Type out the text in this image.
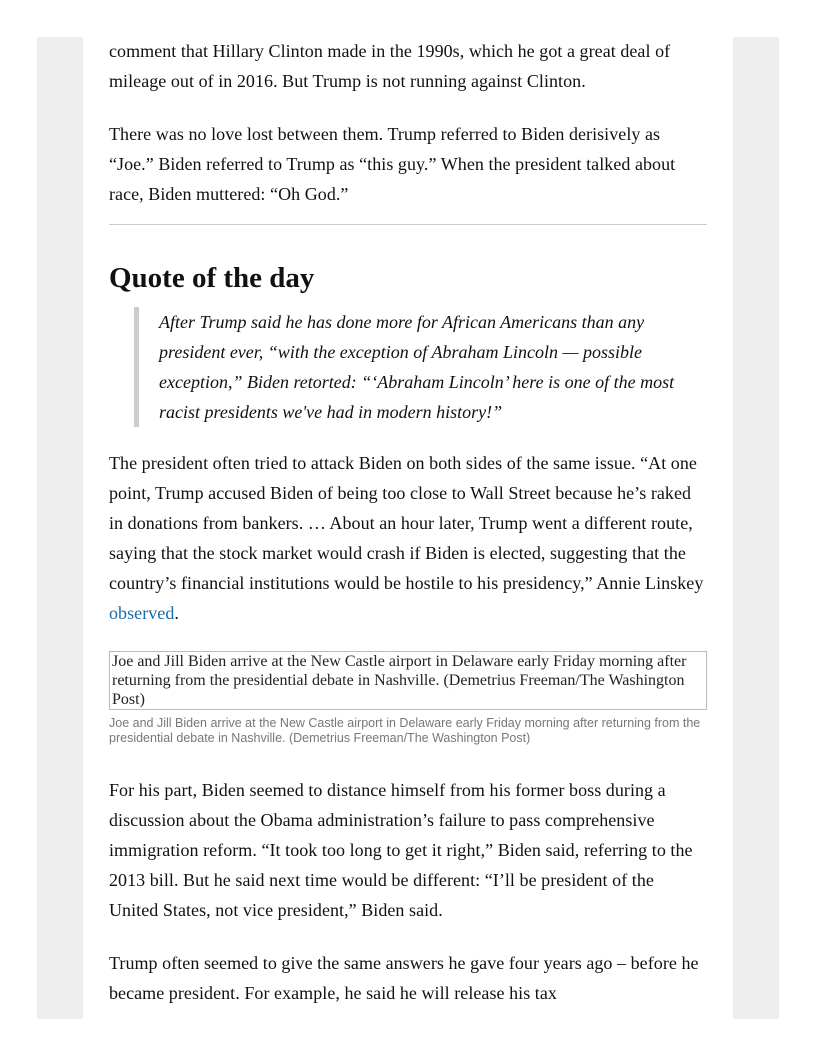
comment that Hillary Clinton made in the 1990s, which he got a great deal of mileage out of in 2016. But Trump is not running against Clinton.

There was no love lost between them. Trump referred to Biden derisively as “Joe.” Biden referred to Trump as “this guy.” When the president talked about race, Biden muttered: “Oh God.”

Quote of the day
After Trump said he has done more for African Americans than any president ever, “with the exception of Abraham Lincoln — possible exception,” Biden retorted: “‘Abraham Lincoln’ here is one of the most racist presidents we've had in modern history!”

The president often tried to attack Biden on both sides of the same issue. “At one point, Trump accused Biden of being too close to Wall Street because he’s raked in donations from bankers. … About an hour later, Trump went a different route, saying that the stock market would crash if Biden is elected, suggesting that the country’s financial institutions would be hostile to his presidency,” Annie Linskey observed.

Joe and Jill Biden arrive at the New Castle airport in Delaware early Friday morning after returning from the presidential debate in Nashville. (Demetrius Freeman/The Washington Post)
Joe and Jill Biden arrive at the New Castle airport in Delaware early Friday morning after returning from the presidential debate in Nashville. (Demetrius Freeman/The Washington Post)

For his part, Biden seemed to distance himself from his former boss during a discussion about the Obama administration’s failure to pass comprehensive immigration reform. “It took too long to get it right,” Biden said, referring to the 2013 bill. But he said next time would be different: “I’ll be president of the United States, not vice president,” Biden said.

Trump often seemed to give the same answers he gave four years ago – before he became president. For example, he said he will release his tax
